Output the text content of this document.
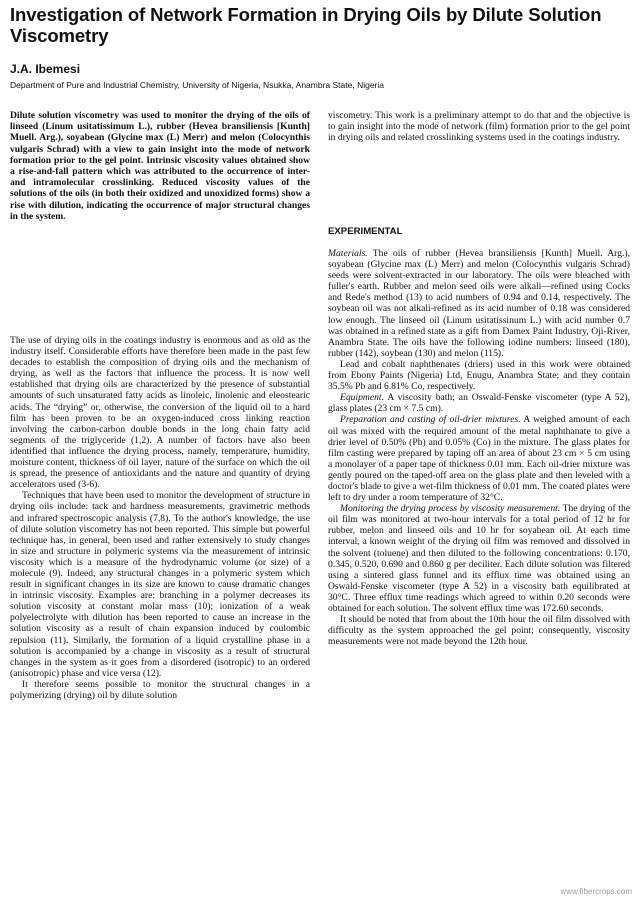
Investigation of Network Formation in Drying Oils by Dilute Solution Viscometry
J.A. Ibemesi
Department of Pure and Industrial Chemistry, University of Nigeria, Nsukka, Anambra State, Nigeria

Dilute solution viscometry was used to monitor the drying of the oils of linseed (Linum usitatissimum L.), rubber (Hevea bransiliensis [Kunth] Muell. Arg.), soyabean (Glycine max (L) Merr) and melon (Colocynthis vulgaris Schrad) with a view to gain insight into the mode of network formation prior to the gel point. Intrinsic viscosity values obtained show a rise-and-fall pattern which was attributed to the occurrence of inter- and intramolecular crosslinking. Reduced viscosity values of the solutions of the oils (in both their oxidized and unoxidized forms) show a rise with dilution, indicating the occurrence of major structural changes in the system.

The use of drying oils in the coatings industry is enormous and as old as the industry itself. Considerable efforts have therefore been made in the past few decades to establish the composition of drying oils and the mechanism of drying, as well as the factors that influence the process. It is now well established that drying oils are characterized by the presence of substantial amounts of such unsaturated fatty acids as linoleic, linolenic and eleostearic acids. The “drying” or, otherwise, the conversion of the liquid oil to a hard film has been proven to be an oxygen-induced cross linking reaction involving the carbon-carbon double bonds in the long chain fatty acid segments of the triglyceride (1,2). A number of factors have also been identified that influence the drying process, namely, temperature, humidity, moisture content, thickness of oil layer, nature of the surface on which the oil is spread, the presence of antioxidants and the nature and quantity of drying accelerators used (3-6).

Techniques that have been used to monitor the development of structure in drying oils include: tack and hardness measurements, gravimetric methods and infrared spectroscopic analysis (7,8). To the author's knowledge, the use of dilute solution viscometry has not been reported. This simple but powerful technique has, in general, been used and rather extensively to study changes in size and structure in polymeric systems via the measurement of intrinsic viscosity which is a measure of the hydrodynamic volume (or size) of a molecule (9). Indeed, any structural changes in a polymeric system which result in significant changes in its size are known to cause dramatic changes in intrinsic viscosity. Examples are: branching in a polymer decreases its solution viscosity at constant molar mass (10); ionization of a weak polyelectrolyte with dilution has been reported to cause an increase in the solution viscosity as a result of chain expansion induced by coulombic repulsion (11). Similarly, the formation of a liquid crystalline phase in a solution is accompanied by a change in viscosity as a result of structural changes in the system as it goes from a disordered (isotropic) to an ordered (anisotropic) phase and vice versa (12).

It therefore seems possible to monitor the structural changes in a polymerizing (drying) oil by dilute solution

viscometry. This work is a preliminary attempt to do that and the objective is to gain insight into the mode of network (film) formation prior to the gel point in drying oils and related crosslinking systems used in the coatings industry.

EXPERIMENTAL

Materials. The oils of rubber (Hevea bransiliensis [Kunth] Muell. Arg.), soyabean (Glycine max (L) Merr) and melon (Colocynthis vulgaris Schrad) seeds were solvent-extracted in our laboratory. The oils were bleached with fuller's earth. Rubber and melon seed oils were alkali—refined using Cocks and Rede's method (13) to acid numbers of 0.94 and 0.14, respectively. The soybean oil was not alkali-refined as its acid number of 0.18 was considered low enough. The linseed oil (Linum usitatissinum L.) with acid number 0.7 was obtained in a refined state as a gift from Damex Paint Industry, Oji-River, Anambra State. The oils have the following iodine numbers: linseed (180), rubber (142), soybean (130) and melon (115).

Lead and cobalt naphthenates (driers) used in this work were obtained from Ebony Paints (Nigeria) Ltd, Enugu, Anambra State; and they contain 35.5% Pb and 6.81% Co, respectively.

Equipment. A viscosity bath; an Oswald-Fenske viscometer (type A 52), glass plates (23 cm × 7.5 cm).

Preparation and casting of oil-drier mixtures. A weighed amount of each oil was mixed with the required amount of the metal naphthanate to give a drier level of 0.50% (Pb) and 0.05% (Co) in the mixture. The glass plates for film casting were prepared by taping off an area of about 23 cm × 5 cm using a monolayer of a paper tape of thickness 0.01 mm. Each oil-drier mixture was gently poured on the taped-off area on the glass plate and then leveled with a doctor's blade to give a wet-film thickness of 0.01 mm. The coated plates were left to dry under a room temperature of 32°C.

Monitoring the drying process by viscosity measurement. The drying of the oil film was monitored at two-hour intervals for a total period of 12 hr for rubber, melon and linseed oils and 10 hr for soyabean oil. At each time interval, a known weight of the drying oil film was removed and dissolved in the solvent (toluene) and then diluted to the following concentrations: 0.170, 0.345, 0.520, 0.690 and 0.860 g per deciliter. Each dilute solution was filtered using a sintered glass funnel and its efflux time was obtained using an Oswald-Fenske viscometer (type A 52) in a viscosity bath equilibrated at 30°C. Three efflux time readings which agreed to within 0.20 seconds were obtained for each solution. The solvent efflux time was 172.60 seconds.

It should be noted that from about the 10th hour the oil film dissolved with difficulty as the system approached the gel point; consequently, viscosity measurements were not made beyond the 12th hour.

www.fibercrops.com
